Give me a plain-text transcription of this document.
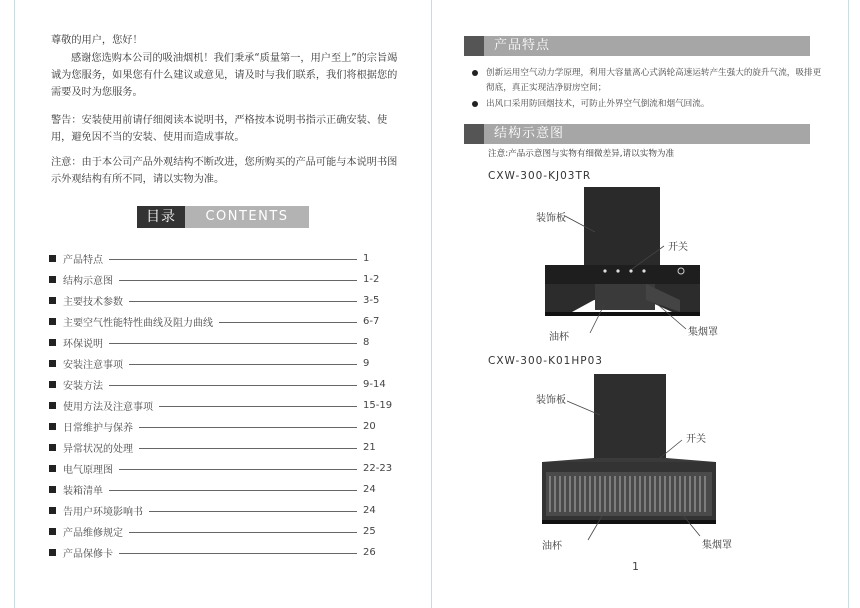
尊敬的用户，您好！

感谢您选购本公司的吸油烟机！我们秉承“质量第一，用户至上”的宗旨竭诚为您服务，如果您有什么建议或意见，请及时与我们联系，我们将根据您的需要及时为您服务。

警告：安装使用前请仔细阅读本说明书，严格按本说明书指示正确安装、使用，避免因不当的安装、使用而造成事故。

注意：由于本公司产品外观结构不断改进，您所购买的产品可能与本说明书图示外观结构有所不同，请以实物为准。

目录	CONTENTS
产品特点	1
结构示意图	1-2
主要技术参数	3-5
主要空气性能特性曲线及阻力曲线	6-7
环保说明	8
安装注意事项	9
安装方法	9-14
使用方法及注意事项	15-19
日常维护与保养	20
异常状况的处理	21
电气原理图	22-23
装箱清单	24
告用户环境影响书	24
产品维修规定	25
产品保修卡	26
产品特点

创新运用空气动力学原理，利用大容量离心式涡轮高速运转产生强大的旋升气流，吸排更彻底，真正实现洁净厨房空间；

出风口采用防回烟技术，可防止外界空气倒流和烟气回流。

结构示意图
注意:产品示意图与实物有细微差异,请以实物为准
CXW-300-KJ03TR
CXW-300-K01HP03
装饰板
开关
油杯	集烟罩
装饰板
开关
油杯	集烟罩
1
